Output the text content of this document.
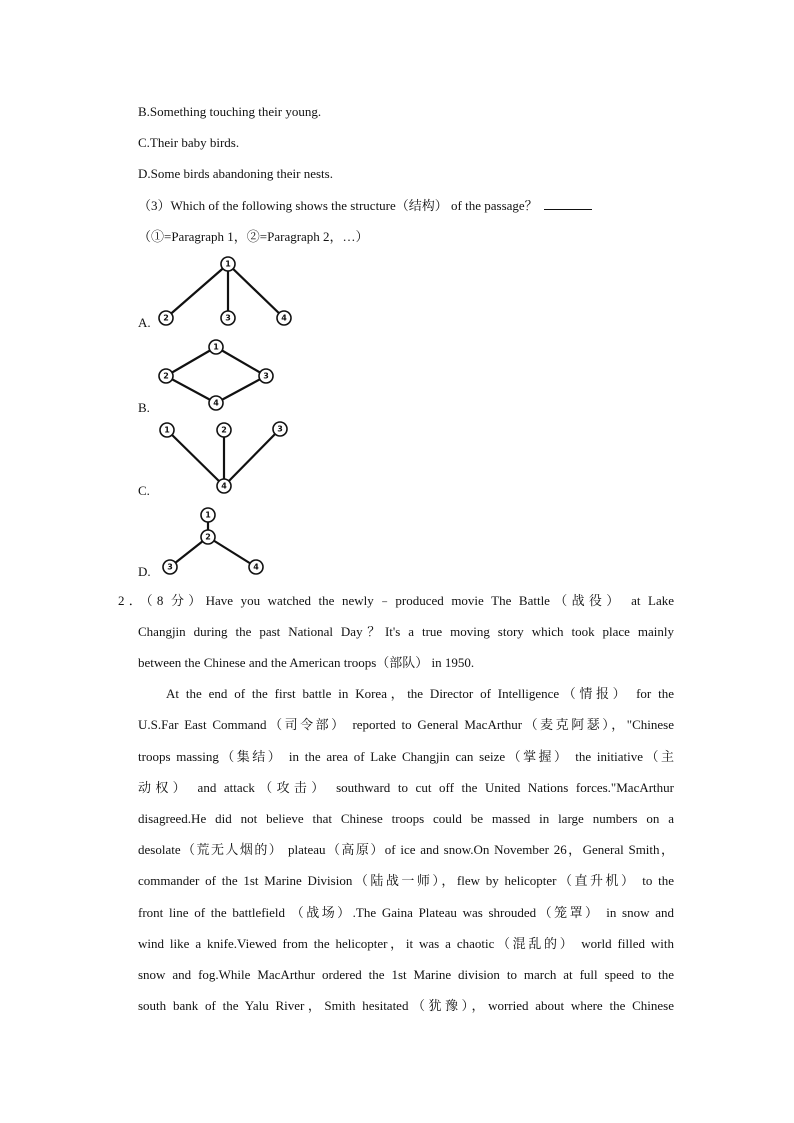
B.Something touching their young.
C.Their baby birds.
D.Some birds abandoning their nests.
（3）Which of the following shows the structure（结构） of the passage？
（①=Paragraph 1，②=Paragraph 2，…）
1
2	3	4
A.
1
2	3
4
B.
1	2	3
4
C.
1
2
3	4
D.
2．（8 分）Have you watched the newly﹣produced movie The Battle（战役） at Lake
Changjin during the past National Day？It's a true moving story which took place mainly
between the Chinese and the American troops（部队） in 1950.
At the end of the first battle in Korea，the Director of Intelligence（情报） for the
U.S.Far East Command（司令部） reported to General MacArthur（麦克阿瑟），"Chinese
troops massing（集结） in the area of Lake Changjin can seize（掌握） the initiative（主
动权） and attack（攻击） southward to cut off the United Nations forces."MacArthur
disagreed.He did not believe that Chinese troops could be massed in large numbers on a
desolate（荒无人烟的） plateau（高原）of ice and snow.On November 26，General Smith，
commander of the 1st Marine Division（陆战一师），flew by helicopter（直升机） to the
front line of the battlefield （战场）.The Gaina Plateau was shrouded（笼罩） in snow and
wind like a knife.Viewed from the helicopter，it was a chaotic（混乱的） world filled with
snow and fog.While MacArthur ordered the 1st Marine division to march at full speed to the
south bank of the Yalu River，Smith hesitated（犹豫），worried about where the Chinese
